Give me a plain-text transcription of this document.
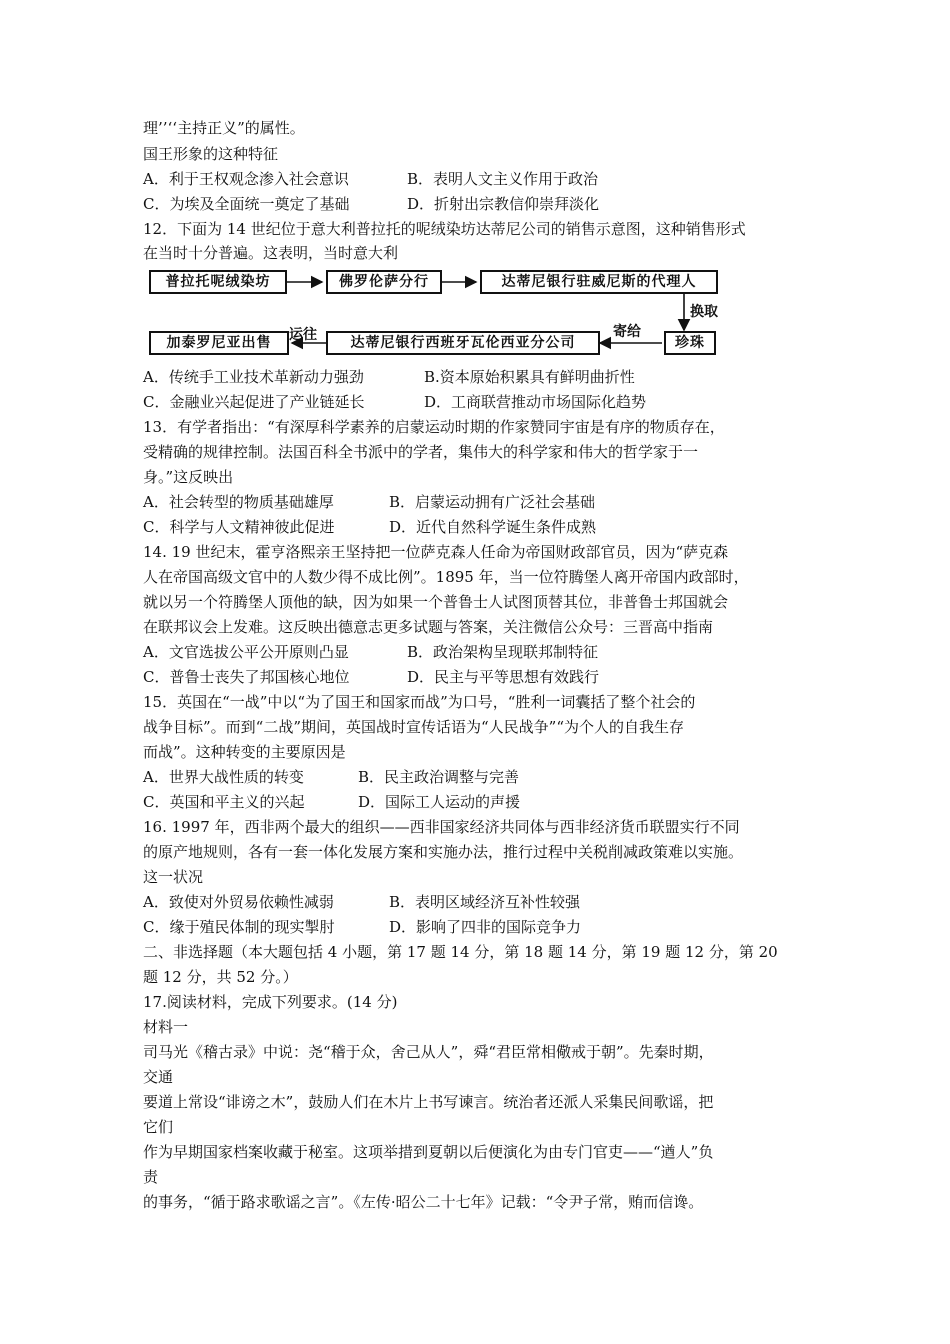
理’’‘‘主持正义”的属性。
国王形象的这种特征
A．利于王权观念渗入社会意识	B．表明人文主义作用于政治
C．为埃及全面统一奠定了基础	D．折射出宗教信仰崇拜淡化
12．下面为 14 世纪位于意大利普拉托的呢绒染坊达蒂尼公司的销售示意图，这种销售形式
在当时十分普遍。这表明，当时意大利
普拉托呢绒染坊	佛罗伦萨分行	达蒂尼银行驻威尼斯的代理人
换取
珍珠
寄给
达蒂尼银行西班牙瓦伦西亚分公司
运往
加泰罗尼亚出售
A．传统手工业技术革新动力强劲	B.资本原始积累具有鲜明曲折性
C．金融业兴起促进了产业链延长	D．工商联营推动市场国际化趋势
13．有学者指出：“有深厚科学素养的启蒙运动时期的作家赞同宇宙是有序的物质存在，
受精确的规律控制。法国百科全书派中的学者，集伟大的科学家和伟大的哲学家于一
身。”这反映出
A．社会转型的物质基础雄厚	B．启蒙运动拥有广泛社会基础
C．科学与人文精神彼此促进	D．近代自然科学诞生条件成熟
14. 19 世纪末，霍亨洛熙亲王坚持把一位萨克森人任命为帝国财政部官员，因为“萨克森
人在帝国高级文官中的人数少得不成比例”。1895 年，当一位符腾堡人离开帝国内政部时，
就以另一个符腾堡人顶他的缺，因为如果一个普鲁士人试图顶替其位，非普鲁士邦国就会
在联邦议会上发难。这反映出德意志更多试题与答案，关注微信公众号：三晋高中指南
A．文官选拔公平公开原则凸显	B．政治架构呈现联邦制特征
C．普鲁士丧失了邦国核心地位	D．民主与平等思想有效践行
15．英国在“一战”中以“为了国王和国家而战”为口号，“胜利一词囊括了整个社会的
战争目标”。而到“二战”期间，英国战时宣传话语为“人民战争”“为个人的自我生存
而战”。这种转变的主要原因是
A．世界大战性质的转变	B．民主政治调整与完善
C．英国和平主义的兴起	D．国际工人运动的声援
16. 1997 年，西非两个最大的组织——西非国家经济共同体与西非经济货币联盟实行不同
的原产地规则，各有一套一体化发展方案和实施办法，推行过程中关税削减政策难以实施。
这一状况
A．致使对外贸易依赖性减弱	B．表明区域经济互补性较强
C．缘于殖民体制的现实掣肘	D．影响了四非的国际竞争力
二、非选择题（本大题包括 4 小题，第 17 题 14 分，第 18 题 14 分，第 19 题 12 分，第 20
题 12 分，共 52 分。）
17.阅读材料，完成下列要求。(14 分)
材料一
司马光《稽古录》中说：尧“稽于众，舍己从人”，舜“君臣常相儆戒于朝”。先秦时期，
交通
要道上常设“诽谤之木”，鼓励人们在木片上书写谏言。统治者还派人采集民间歌谣，把
它们
作为早期国家档案收藏于秘室。这项举措到夏朝以后便演化为由专门官吏——“遒人”负
责
的事务，“循于路求歌谣之言”。《左传·昭公二十七年》记载：“令尹子常，贿而信谗。
